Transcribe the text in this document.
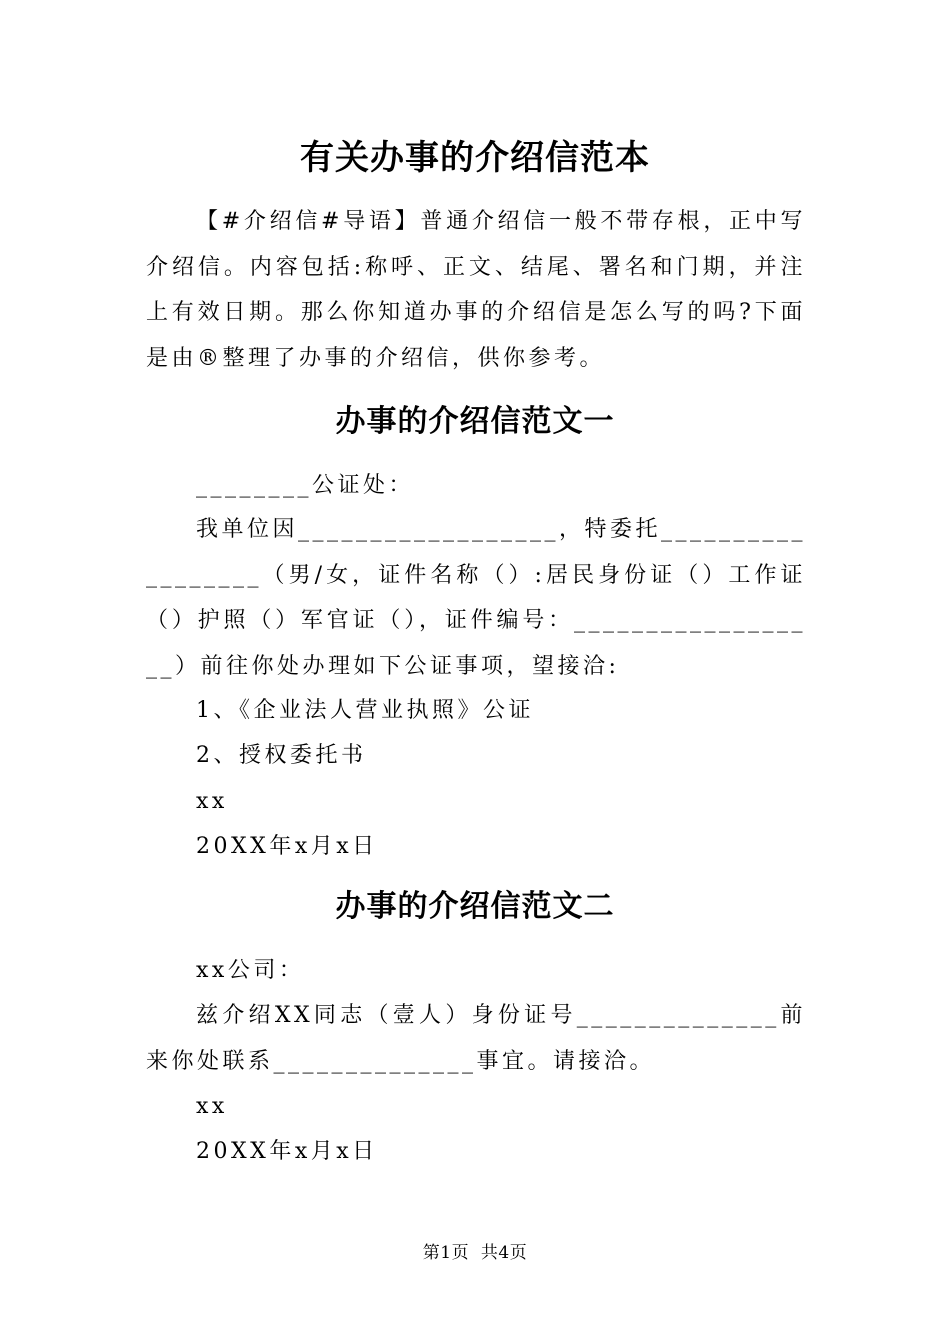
有关办事的介绍信范本
【#介绍信#导语】普通介绍信一般不带存根，正中写介绍信。内容包括:称呼、正文、结尾、署名和门期，并注上有效日期。那么你知道办事的介绍信是怎么写的吗?下面是由®整理了办事的介绍信，供你参考。
办事的介绍信范文一
________公证处：
我单位因__________________，特委托__________________（男/女，证件名称（）:居民身份证（）工作证（）护照（）军官证（），证件编号：__________________）前往你处办理如下公证事项，望接洽:
1、《企业法人营业执照》公证
2、授权委托书
xx
20XX年x月x日
办事的介绍信范文二
xx公司：
兹介绍XX同志（壹人）身份证号______________前来你处联系______________事宜。请接洽。
xx
20XX年x月x日
第1页 共4页
